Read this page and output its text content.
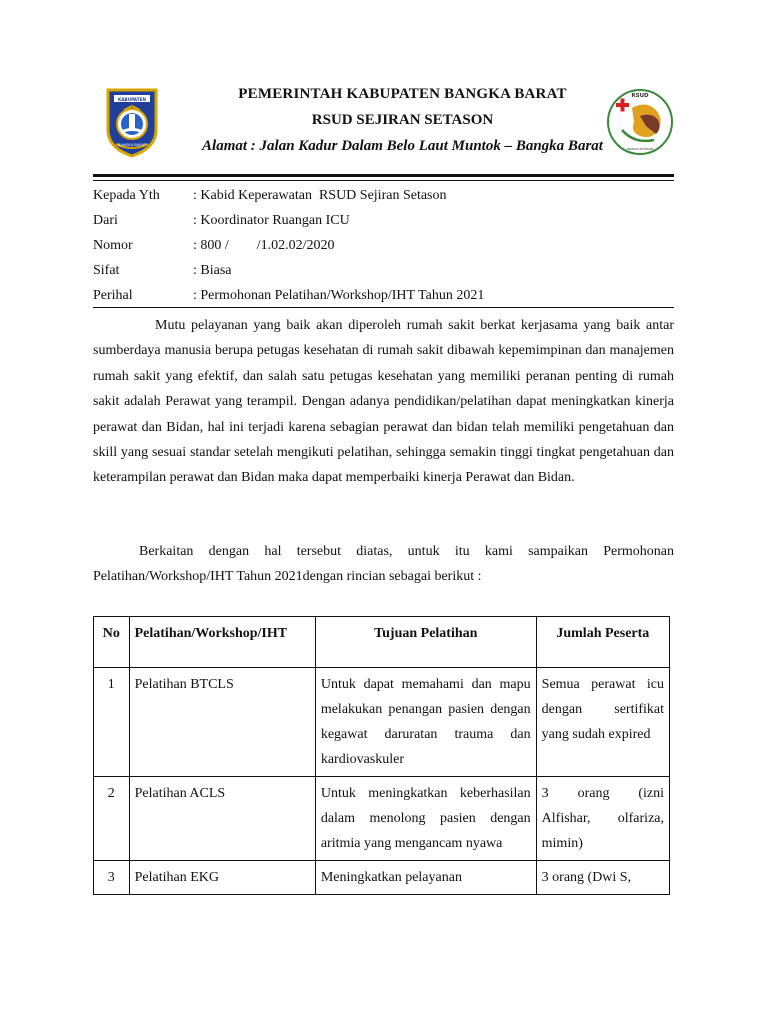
KABUPATEN
BANGKA BARAT
PEMERINTAH KABUPATEN BANGKA BARAT
RSUD SEJIRAN SETASON
Alamat : Jalan Kadur Dalam Belo Laut Muntok – Bangka Barat
RSUD
SEJIRAN SETASON
Kepada Yth	: Kabid Keperawatan  RSUD Sejiran Setason
Dari	: Koordinator Ruangan ICU
Nomor	: 800 /        /1.02.02/2020
Sifat	: Biasa
Perihal	: Permohonan Pelatihan/Workshop/IHT Tahun 2021

Mutu pelayanan yang baik akan diperoleh rumah sakit berkat kerjasama yang baik antar sumberdaya manusia berupa petugas kesehatan di rumah sakit dibawah kepemimpinan dan manajemen rumah sakit yang efektif, dan salah satu petugas kesehatan yang memiliki peranan penting di rumah sakit adalah Perawat yang terampil. Dengan adanya pendidikan/pelatihan dapat meningkatkan kinerja perawat dan Bidan, hal ini terjadi karena sebagian perawat dan bidan telah memiliki pengetahuan dan skill yang sesuai standar setelah mengikuti pelatihan, sehingga semakin tinggi tingkat pengetahuan dan keterampilan perawat dan Bidan maka dapat memperbaiki kinerja Perawat dan Bidan.

Berkaitan dengan hal tersebut diatas, untuk itu kami sampaikan Permohonan Pelatihan/Workshop/IHT Tahun 2021dengan rincian sebagai berikut :

No	Pelatihan/Workshop/IHT	Tujuan Pelatihan	Jumlah Peserta
1	Pelatihan BTCLS	Untuk dapat memahami dan mapu melakukan penangan pasien dengan kegawat daruratan trauma dan kardiovaskuler	Semua perawat icu dengan sertifikat yang sudah expired
2	Pelatihan ACLS	Untuk meningkatkan keberhasilan dalam menolong pasien dengan aritmia yang mengancam nyawa	3 orang (izni Alfishar, olfariza, mimin)
3	Pelatihan EKG	Meningkatkan pelayanan	3 orang (Dwi S,
